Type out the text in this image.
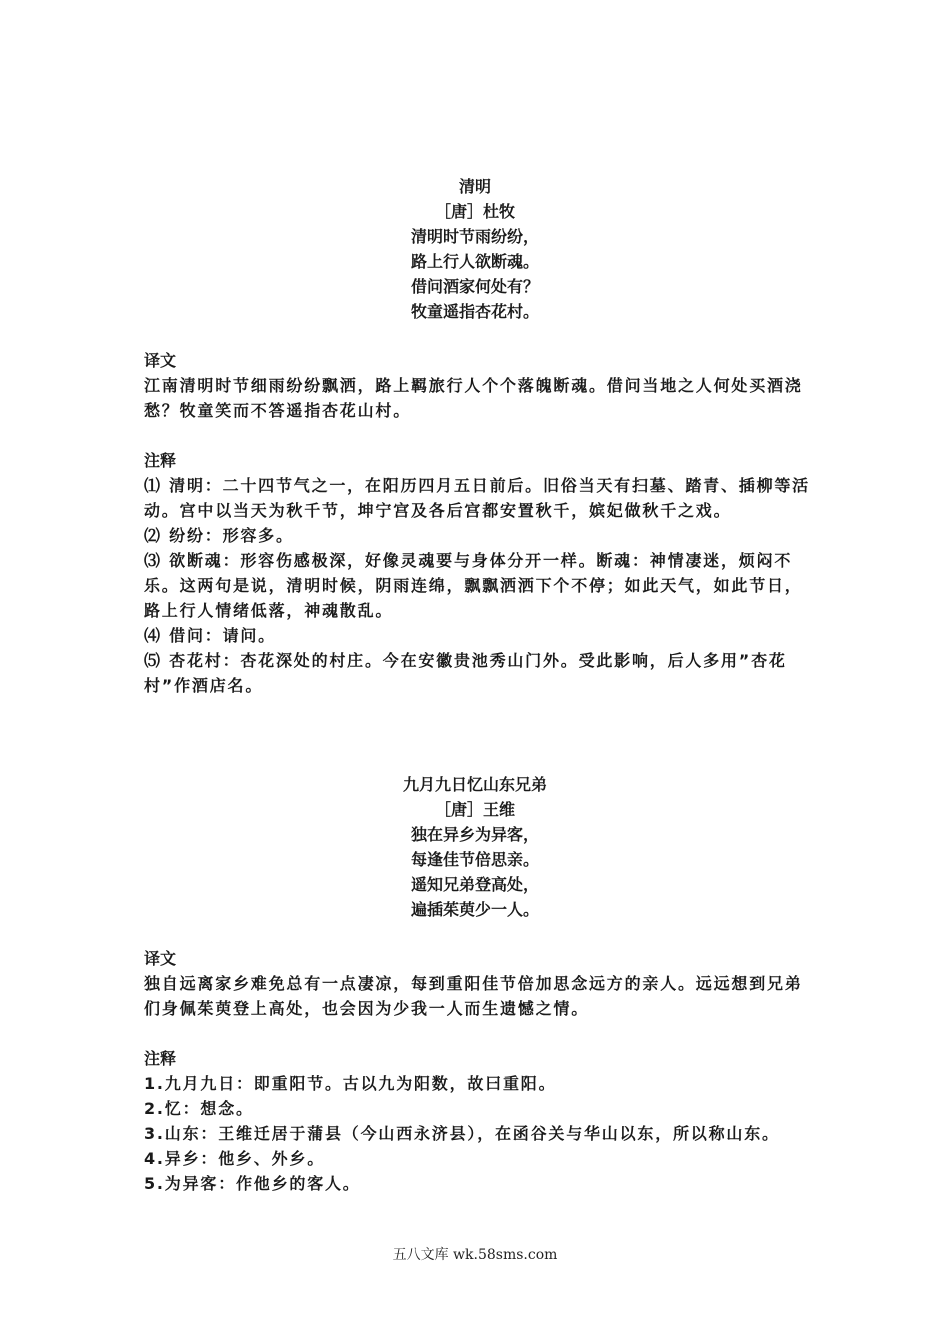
清明
［唐］杜牧
清明时节雨纷纷，
路上行人欲断魂。
借问酒家何处有？
牧童遥指杏花村。
译文
江南清明时节细雨纷纷飘洒，路上羁旅行人个个落魄断魂。借问当地之人何处买酒浇愁？牧童笑而不答遥指杏花山村。
注释
⑴ 清明：二十四节气之一，在阳历四月五日前后。旧俗当天有扫墓、踏青、插柳等活动。宫中以当天为秋千节，坤宁宫及各后宫都安置秋千，嫔妃做秋千之戏。
⑵ 纷纷：形容多。
⑶ 欲断魂：形容伤感极深，好像灵魂要与身体分开一样。断魂：神情凄迷，烦闷不乐。这两句是说，清明时候，阴雨连绵，飘飘洒洒下个不停；如此天气，如此节日，路上行人情绪低落，神魂散乱。
⑷ 借问：请问。
⑸ 杏花村：杏花深处的村庄。今在安徽贵池秀山门外。受此影响，后人多用”杏花村”作酒店名。
九月九日忆山东兄弟
［唐］王维
独在异乡为异客，
每逢佳节倍思亲。
遥知兄弟登高处，
遍插茱萸少一人。
译文
独自远离家乡难免总有一点凄凉，每到重阳佳节倍加思念远方的亲人。远远想到兄弟们身佩茱萸登上高处，也会因为少我一人而生遗憾之情。
注释
1.九月九日：即重阳节。古以九为阳数，故曰重阳。
2.忆：想念。
3.山东：王维迁居于蒲县（今山西永济县），在函谷关与华山以东，所以称山东。
4.异乡：他乡、外乡。
5.为异客：作他乡的客人。
五八文库 wk.58sms.com
